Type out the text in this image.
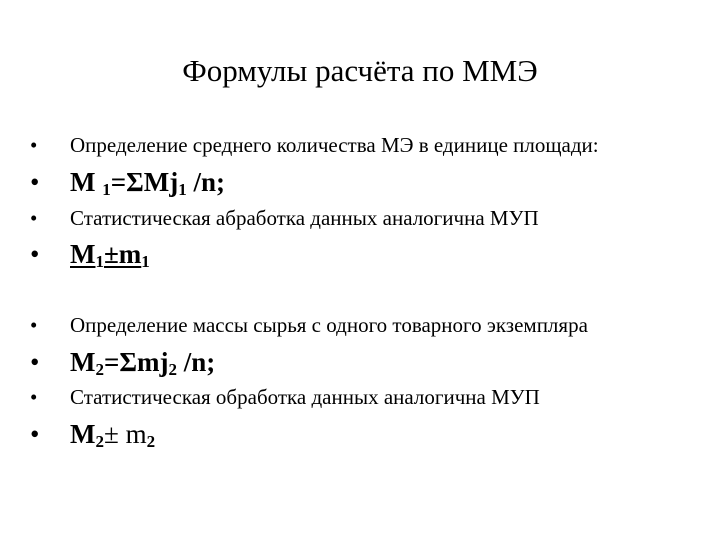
Формулы расчёта по ММЭ
• Определение среднего количества МЭ в единице площади:
• M $_1$=ΣMj$_1$ /n;
• Статистическая абработка данных аналогична МУП
• $M_1\pm m_1$
• Определение массы сырья с одного товарного экземпляра
• $M_2=\Sigma mj_2$ /n;
• Статистическая обработка данных аналогична МУП
• $M_2\pm m_2$
